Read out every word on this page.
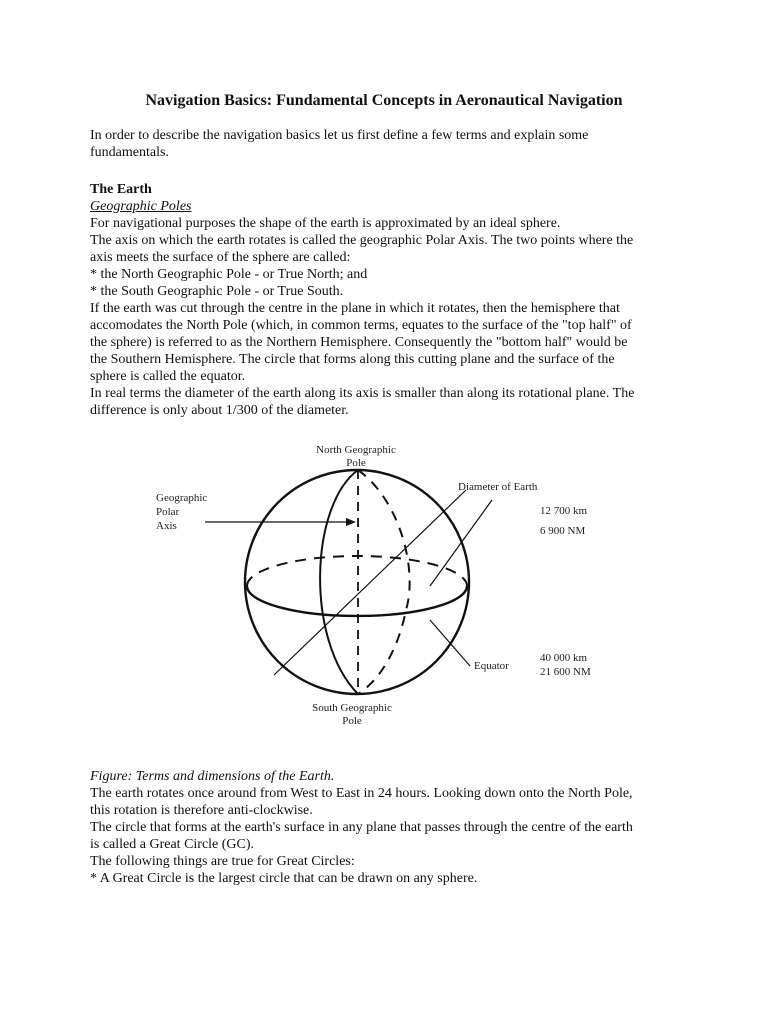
Navigation Basics: Fundamental Concepts in Aeronautical Navigation
In order to describe the navigation basics let us first define a few terms and explain some
fundamentals.
The Earth
Geographic Poles
For navigational purposes the shape of the earth is approximated by an ideal sphere.
The axis on which the earth rotates is called the geographic Polar Axis. The two points where the
axis meets the surface of the sphere are called:
* the North Geographic Pole - or True North; and
* the South Geographic Pole - or True South.
If the earth was cut through the centre in the plane in which it rotates, then the hemisphere that
accomodates the North Pole (which, in common terms, equates to the surface of the "top half" of
the sphere) is referred to as the Northern Hemisphere. Consequently the "bottom half" would be
the Southern Hemisphere. The circle that forms along this cutting plane and the surface of the
sphere is called the equator.
In real terms the diameter of the earth along its axis is smaller than along its rotational plane. The
difference is only about 1/300 of the diameter.
North Geographic
Pole
South Geographic
Pole
Geographic
Polar
Axis
Diameter of Earth
12 700 km
6 900 NM
Equator
40 000 km
21 600 NM
Figure: Terms and dimensions of the Earth.
The earth rotates once around from West to East in 24 hours. Looking down onto the North Pole,
this rotation is therefore anti-clockwise.
The circle that forms at the earth's surface in any plane that passes through the centre of the earth
is called a Great Circle (GC).
The following things are true for Great Circles:
* A Great Circle is the largest circle that can be drawn on any sphere.
